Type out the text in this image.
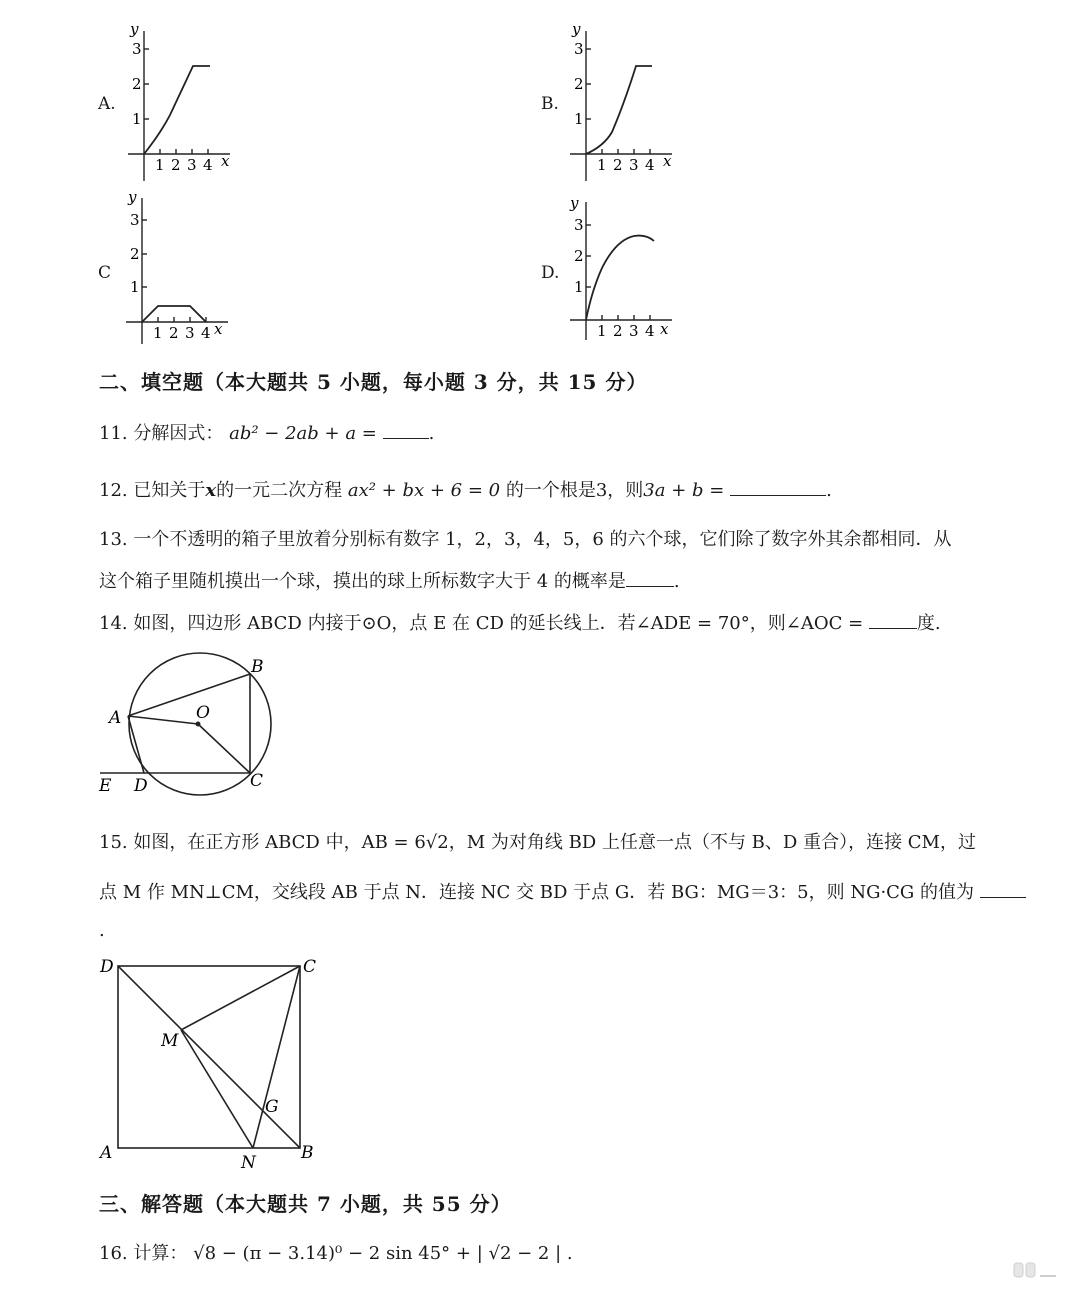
A.
y
1
2
3
1 2 3 4 x
B.
y
1
2
3
1 2 3 4 x
C
y
1
2
3
1 2 3 4 x
D.
y
1
2
3
1 2 3 4 x
二、填空题（本大题共 5 小题，每小题 3 分，共 15 分）
11. 分解因式： ab² − 2ab + a =	.
12. 已知关于x的一元二次方程 ax² + bx + 6 = 0 的一个根是3，则3a + b =	.
13. 一个不透明的箱子里放着分别标有数字 1，2，3，4，5，6 的六个球，它们除了数字外其余都相同．从
这个箱子里随机摸出一个球，摸出的球上所标数字大于 4 的概率是	.
14. 如图，四边形 ABCD 内接于⊙O，点 E 在 CD 的延长线上．若∠ADE = 70°，则∠AOC =	度.
A
B
C
D
E
O
15. 如图，在正方形 ABCD 中，AB = 6√2，M 为对角线 BD 上任意一点（不与 B、D 重合），连接 CM，过
点 M 作 MN⊥CM，交线段 AB 于点 N．连接 NC 交 BD 于点 G．若 BG：MG＝3：5，则 NG·CG 的值为
.
D	C
M
G
A	N	B
三、解答题（本大题共 7 小题，共 55 分）
16. 计算： √8 − (π − 3.14)⁰ − 2 sin 45° + | √2 − 2 | .
